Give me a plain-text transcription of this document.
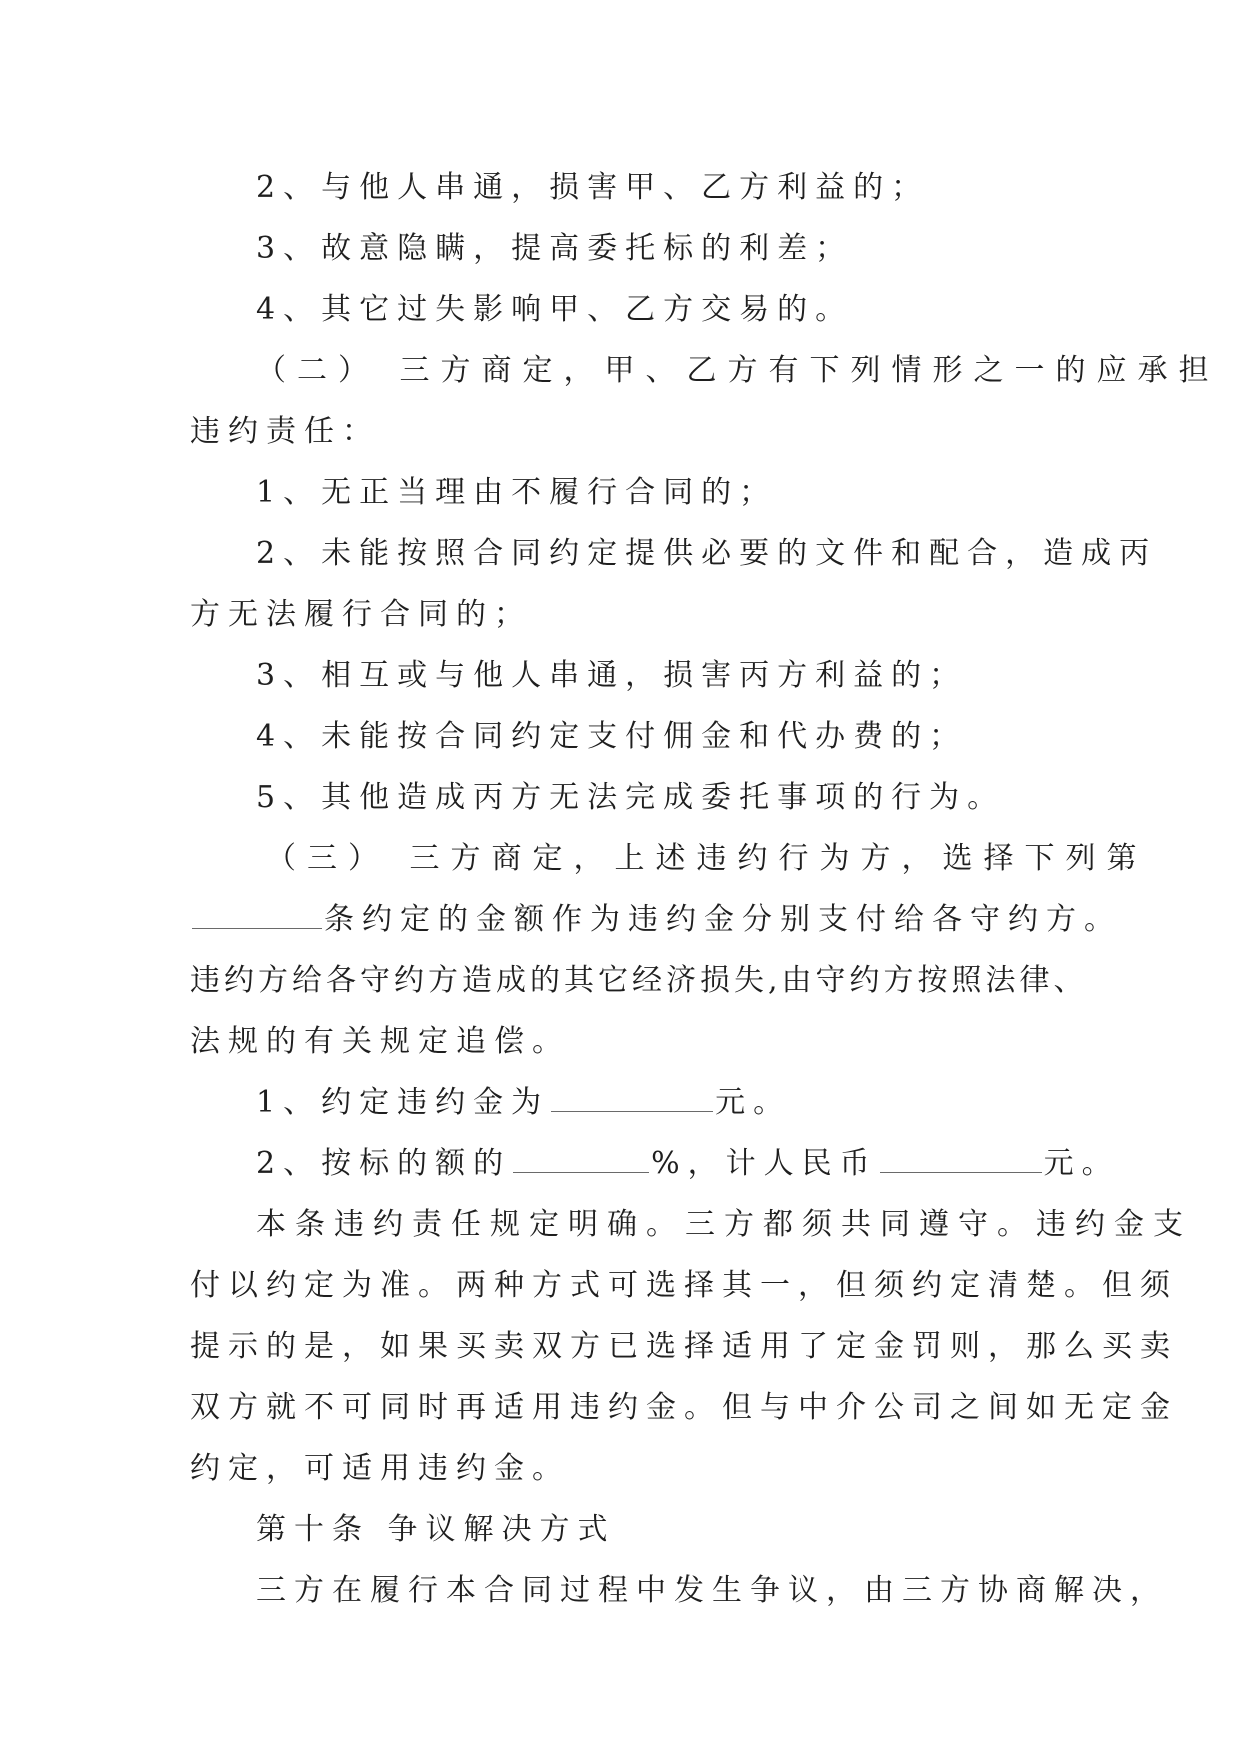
2、与他人串通，损害甲、乙方利益的；
3、故意隐瞒，提高委托标的利差；
4、其它过失影响甲、乙方交易的。
（二） 三方商定，甲、乙方有下列情形之一的应承担
违约责任：
1、无正当理由不履行合同的；
2、未能按照合同约定提供必要的文件和配合，造成丙
方无法履行合同的；
3、相互或与他人串通，损害丙方利益的；
4、未能按合同约定支付佣金和代办费的；
5、其他造成丙方无法完成委托事项的行为。
（三） 三方商定，上述违约行为方，选择下列第
条约定的金额作为违约金分别支付给各守约方。
违约方给各守约方造成的其它经济损失,由守约方按照法律、
法规的有关规定追偿。
1、约定违约金为	元。
2、按标的额的	%，计人民币	元。
本条违约责任规定明确。三方都须共同遵守。违约金支
付以约定为准。两种方式可选择其一，但须约定清楚。但须
提示的是，如果买卖双方已选择适用了定金罚则，那么买卖
双方就不可同时再适用违约金。但与中介公司之间如无定金
约定，可适用违约金。
第十条 争议解决方式
三方在履行本合同过程中发生争议，由三方协商解决，
